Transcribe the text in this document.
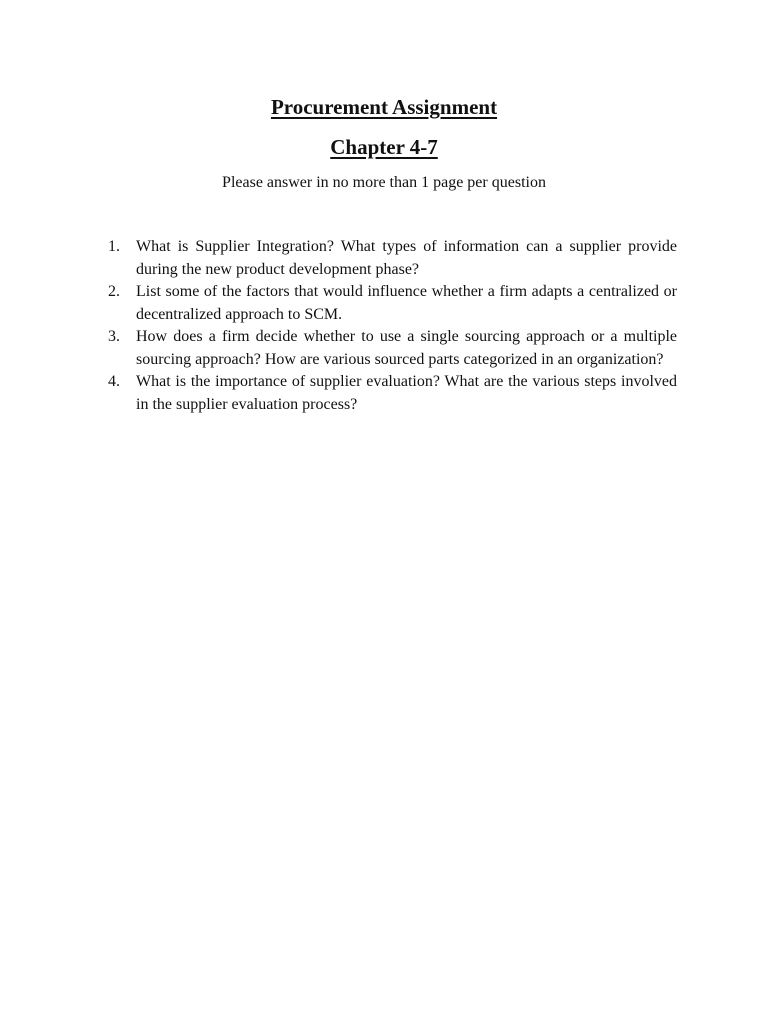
Procurement Assignment
Chapter 4-7

Please answer in no more than 1 page per question

1.	What is Supplier Integration? What types of information can a supplier provide during the new product development phase?
2.	List some of the factors that would influence whether a firm adapts a centralized or decentralized approach to SCM.
3.	How does a firm decide whether to use a single sourcing approach or a multiple sourcing approach? How are various sourced parts categorized in an organization?
4.	What is the importance of supplier evaluation? What are the various steps involved in the supplier evaluation process?
